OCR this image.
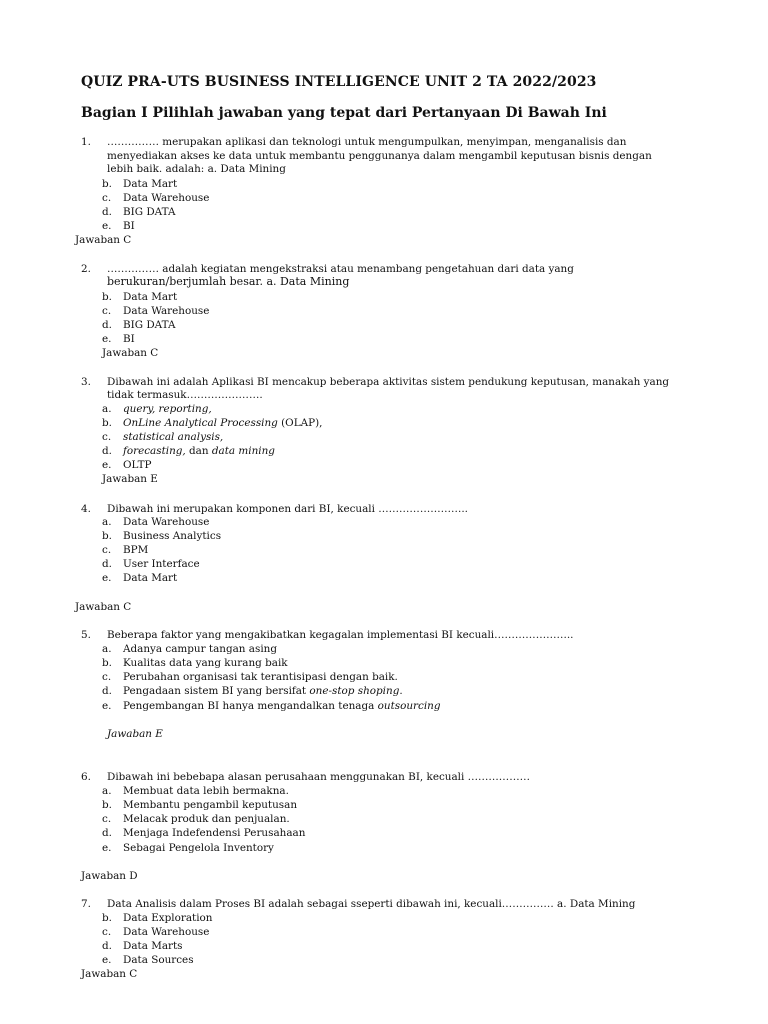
QUIZ PRA-UTS BUSINESS INTELLIGENCE UNIT 2 TA 2022/2023
Bagian I Pilihlah jawaban yang tepat dari Pertanyaan Di Bawah Ini
1. …………… merupakan aplikasi dan teknologi untuk mengumpulkan, menyimpan, menganalisis dan
menyediakan akses ke data untuk membantu penggunanya dalam mengambil keputusan bisnis dengan
lebih baik. adalah: a. Data Mining
b. Data Mart
c. Data Warehouse
d. BIG DATA
e. BI
Jawaban C
2. …………… adalah kegiatan mengekstraksi atau menambang pengetahuan dari data yang
berukuran/berjumlah besar. a. Data Mining
b. Data Mart
c. Data Warehouse
d. BIG DATA
e. BI
Jawaban C
3. Dibawah ini adalah Aplikasi BI mencakup beberapa aktivitas sistem pendukung keputusan, manakah yang
tidak termasuk………………….
a. query, reporting,
b. OnLine Analytical Processing (OLAP),
c. statistical analysis,
d. forecasting, dan data mining
e. OLTP
Jawaban E
4. Dibawah ini merupakan komponen dari BI, kecuali ……………………..
a. Data Warehouse
b. Business Analytics
c. BPM
d. User Interface
e. Data Mart
Jawaban C
5. Beberapa faktor yang mengakibatkan kegagalan implementasi BI kecuali…………………..
a. Adanya campur tangan asing
b. Kualitas data yang kurang baik
c. Perubahan organisasi tak terantisipasi dengan baik.
d. Pengadaan sistem BI yang bersifat one-stop shoping.
e. Pengembangan BI hanya mengandalkan tenaga outsourcing
Jawaban E
6. Dibawah ini bebebapa alasan perusahaan menggunakan BI, kecuali ………………
a. Membuat data lebih bermakna.
b. Membantu pengambil keputusan
c. Melacak produk dan penjualan.
d. Menjaga Indefendensi Perusahaan
e. Sebagai Pengelola Inventory
Jawaban D
7. Data Analisis dalam Proses BI adalah sebagai sseperti dibawah ini, kecuali…………… a. Data Mining
b. Data Exploration
c. Data Warehouse
d. Data Marts
e. Data Sources
Jawaban C
